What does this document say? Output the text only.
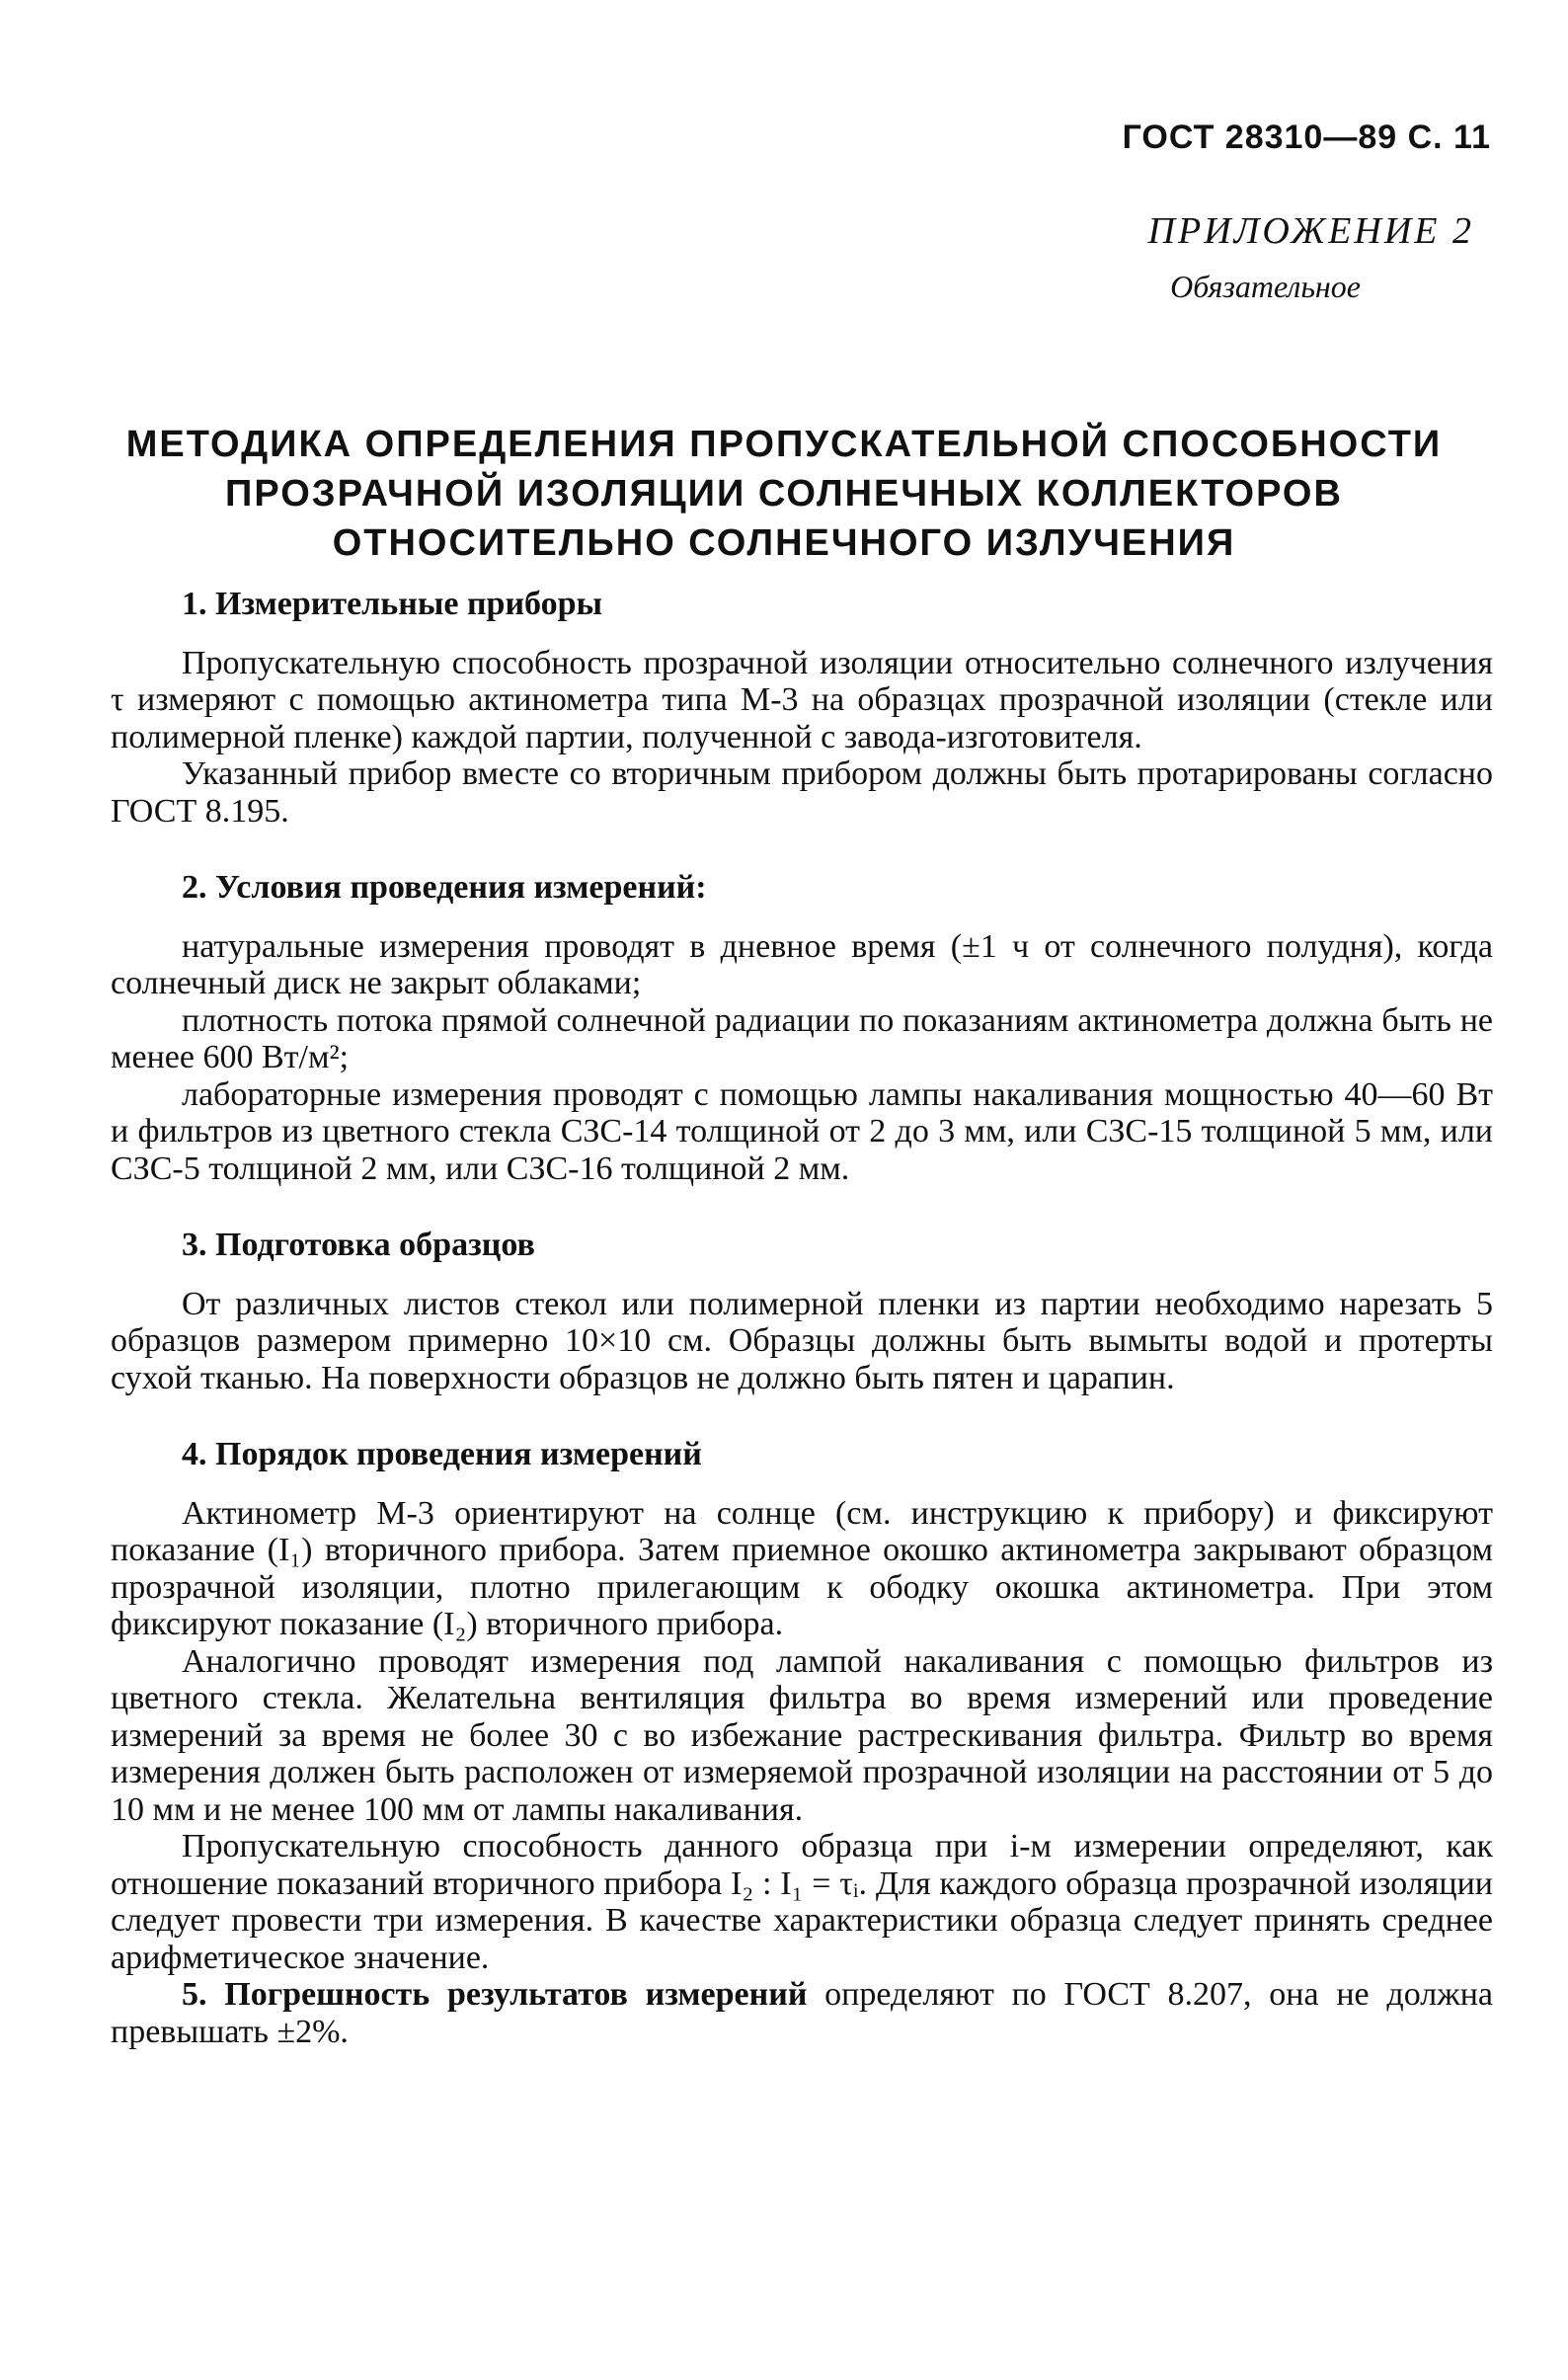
ГОСТ 28310—89 С. 11
ПРИЛОЖЕНИЕ 2
Обязательное
МЕТОДИКА ОПРЕДЕЛЕНИЯ ПРОПУСКАТЕЛЬНОЙ СПОСОБНОСТИ
ПРОЗРАЧНОЙ ИЗОЛЯЦИИ СОЛНЕЧНЫХ КОЛЛЕКТОРОВ
ОТНОСИТЕЛЬНО СОЛНЕЧНОГО ИЗЛУЧЕНИЯ
1. Измерительные приборы

Пропускательную способность прозрачной изоляции относительно солнечного излучения τ измеряют с помощью актинометра типа М-3 на образцах прозрачной изоляции (стекле или полимерной пленке) каждой партии, полученной с завода-изготовителя.

Указанный прибор вместе со вторичным прибором должны быть протарированы согласно ГОСТ 8.195.

2. Условия проведения измерений:

натуральные измерения проводят в дневное время (±1 ч от солнечного полудня), когда солнечный диск не закрыт облаками;

плотность потока прямой солнечной радиации по показаниям актинометра должна быть не менее 600 Вт/м²;

лабораторные измерения проводят с помощью лампы накаливания мощностью 40—60 Вт и фильтров из цветного стекла СЗС-14 толщиной от 2 до 3 мм, или СЗС-15 толщиной 5 мм, или СЗС-5 толщиной 2 мм, или СЗС-16 толщиной 2 мм.

3. Подготовка образцов

От различных листов стекол или полимерной пленки из партии необходимо нарезать 5 образцов размером примерно 10×10 см. Образцы должны быть вымыты водой и протерты сухой тканью. На поверхности образцов не должно быть пятен и царапин.

4. Порядок проведения измерений

Актинометр М-3 ориентируют на солнце (см. инструкцию к прибору) и фиксируют показание (I₁) вторичного прибора. Затем приемное окошко актинометра закрывают образцом прозрачной изоляции, плотно прилегающим к ободку окошка актинометра. При этом фиксируют показание (I₂) вторичного прибора.

Аналогично проводят измерения под лампой накаливания с помощью фильтров из цветного стекла. Желательна вентиляция фильтра во время измерений или проведение измерений за время не более 30 с во избежание растрескивания фильтра. Фильтр во время измерения должен быть расположен от измеряемой прозрачной изоляции на расстоянии от 5 до 10 мм и не менее 100 мм от лампы накаливания.

Пропускательную способность данного образца при i-м измерении определяют, как отношение показаний вторичного прибора I₂ : I₁ = τᵢ. Для каждого образца прозрачной изоляции следует провести три измерения. В качестве характеристики образца следует принять среднее арифметическое значение.

5. Погрешность результатов измерений определяют по ГОСТ 8.207, она не должна превышать ±2%.
